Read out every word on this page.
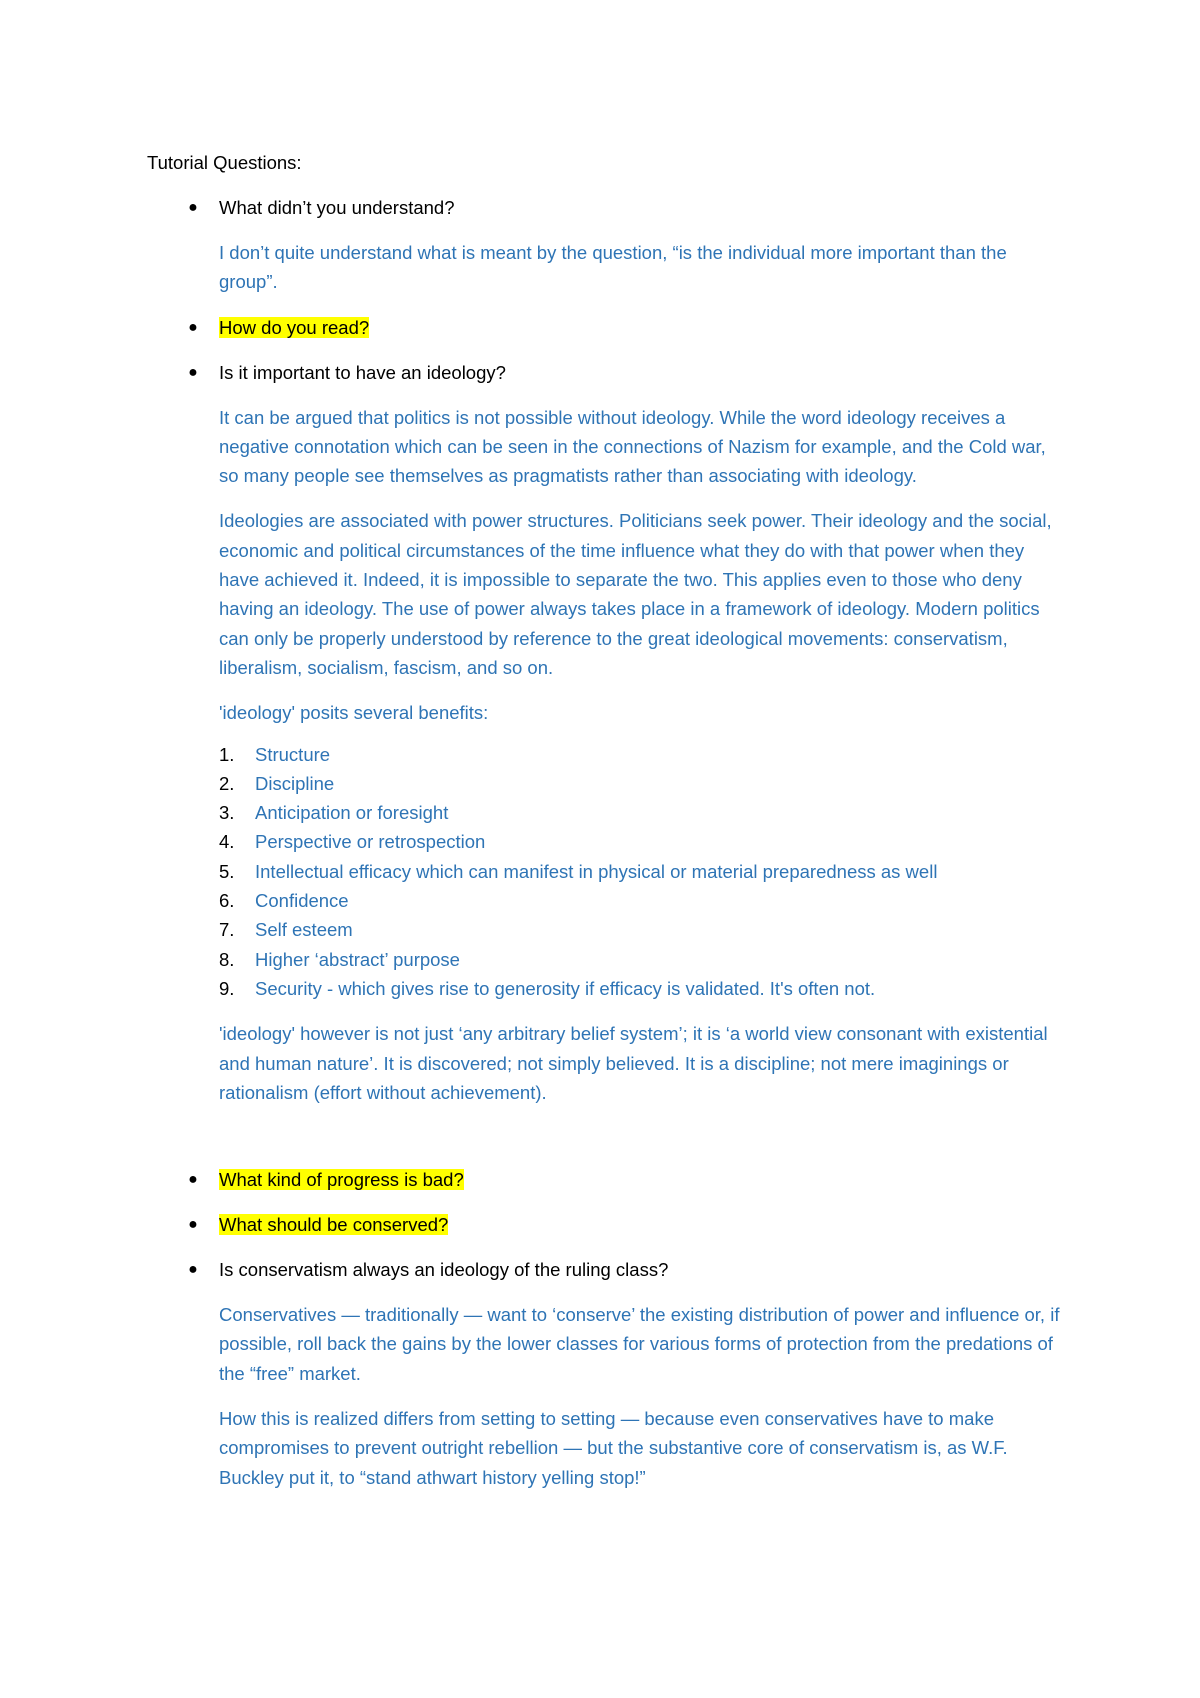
Tutorial Questions:

● What didn’t you understand?

I don’t quite understand what is meant by the question, “is the individual more important than the group”.

● How do you read?
● Is it important to have an ideology?

It can be argued that politics is not possible without ideology. While the word ideology receives a negative connotation which can be seen in the connections of Nazism for example, and the Cold war, so many people see themselves as pragmatists rather than associating with ideology.

Ideologies are associated with power structures. Politicians seek power. Their ideology and the social, economic and political circumstances of the time influence what they do with that power when they have achieved it. Indeed, it is impossible to separate the two. This applies even to those who deny having an ideology. The use of power always takes place in a framework of ideology. Modern politics can only be properly understood by reference to the great ideological movements: conservatism, liberalism, socialism, fascism, and so on.

'ideology' posits several benefits:

1.	Structure
2.	Discipline
3.	Anticipation or foresight
4.	Perspective or retrospection
5.	Intellectual efficacy which can manifest in physical or material preparedness as well
6.	Confidence
7.	Self esteem
8.	Higher ‘abstract’ purpose
9.	Security - which gives rise to generosity if efficacy is validated. It's often not.

'ideology' however is not just ‘any arbitrary belief system’; it is ‘a world view consonant with existential and human nature’. It is discovered; not simply believed. It is a discipline; not mere imaginings or rationalism (effort without achievement).

● What kind of progress is bad?
● What should be conserved?
● Is conservatism always an ideology of the ruling class?

Conservatives — traditionally — want to ‘conserve’ the existing distribution of power and influence or, if possible, roll back the gains by the lower classes for various forms of protection from the predations of the “free” market.

How this is realized differs from setting to setting — because even conservatives have to make compromises to prevent outright rebellion — but the substantive core of conservatism is, as W.F. Buckley put it, to “stand athwart history yelling stop!”
